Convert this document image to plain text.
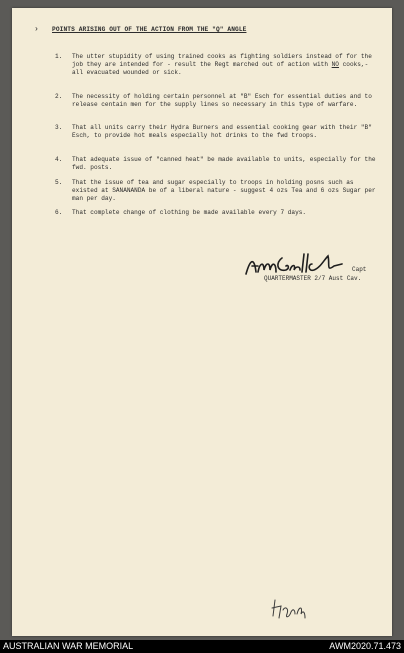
› POINTS ARISING OUT OF THE ACTION FROM THE "Q" ANGLE
1. The utter stupidity of using trained cooks as fighting soldiers instead of for the job they are intended for - result the Regt marched out of action with NO cooks,- all evacuated wounded or sick.
2. The necessity of holding certain personnel at "B" Esch for essential duties and to release centain men for the supply lines so necessary in this type of warfare.
3. That all units carry their Hydra Burners and essential cooking gear with their "B" Esch, to provide hot meals especially hot drinks to the fwd troops.
4. That adequate issue of "canned heat" be made available to units, especially for the fwd. posts.
5. That the issue of tea and sugar especially to troops in holding posns such as existed at SANANANDA be of a liberal nature - suggest 4 ozs Tea and 6 ozs Sugar per man per day.
6. That complete change of clothing be made available every 7 days.
Capt
QUARTERMASTER 2/7 Aust Cav.
AUSTRALIAN WAR MEMORIAL	AWM2020.71.473
